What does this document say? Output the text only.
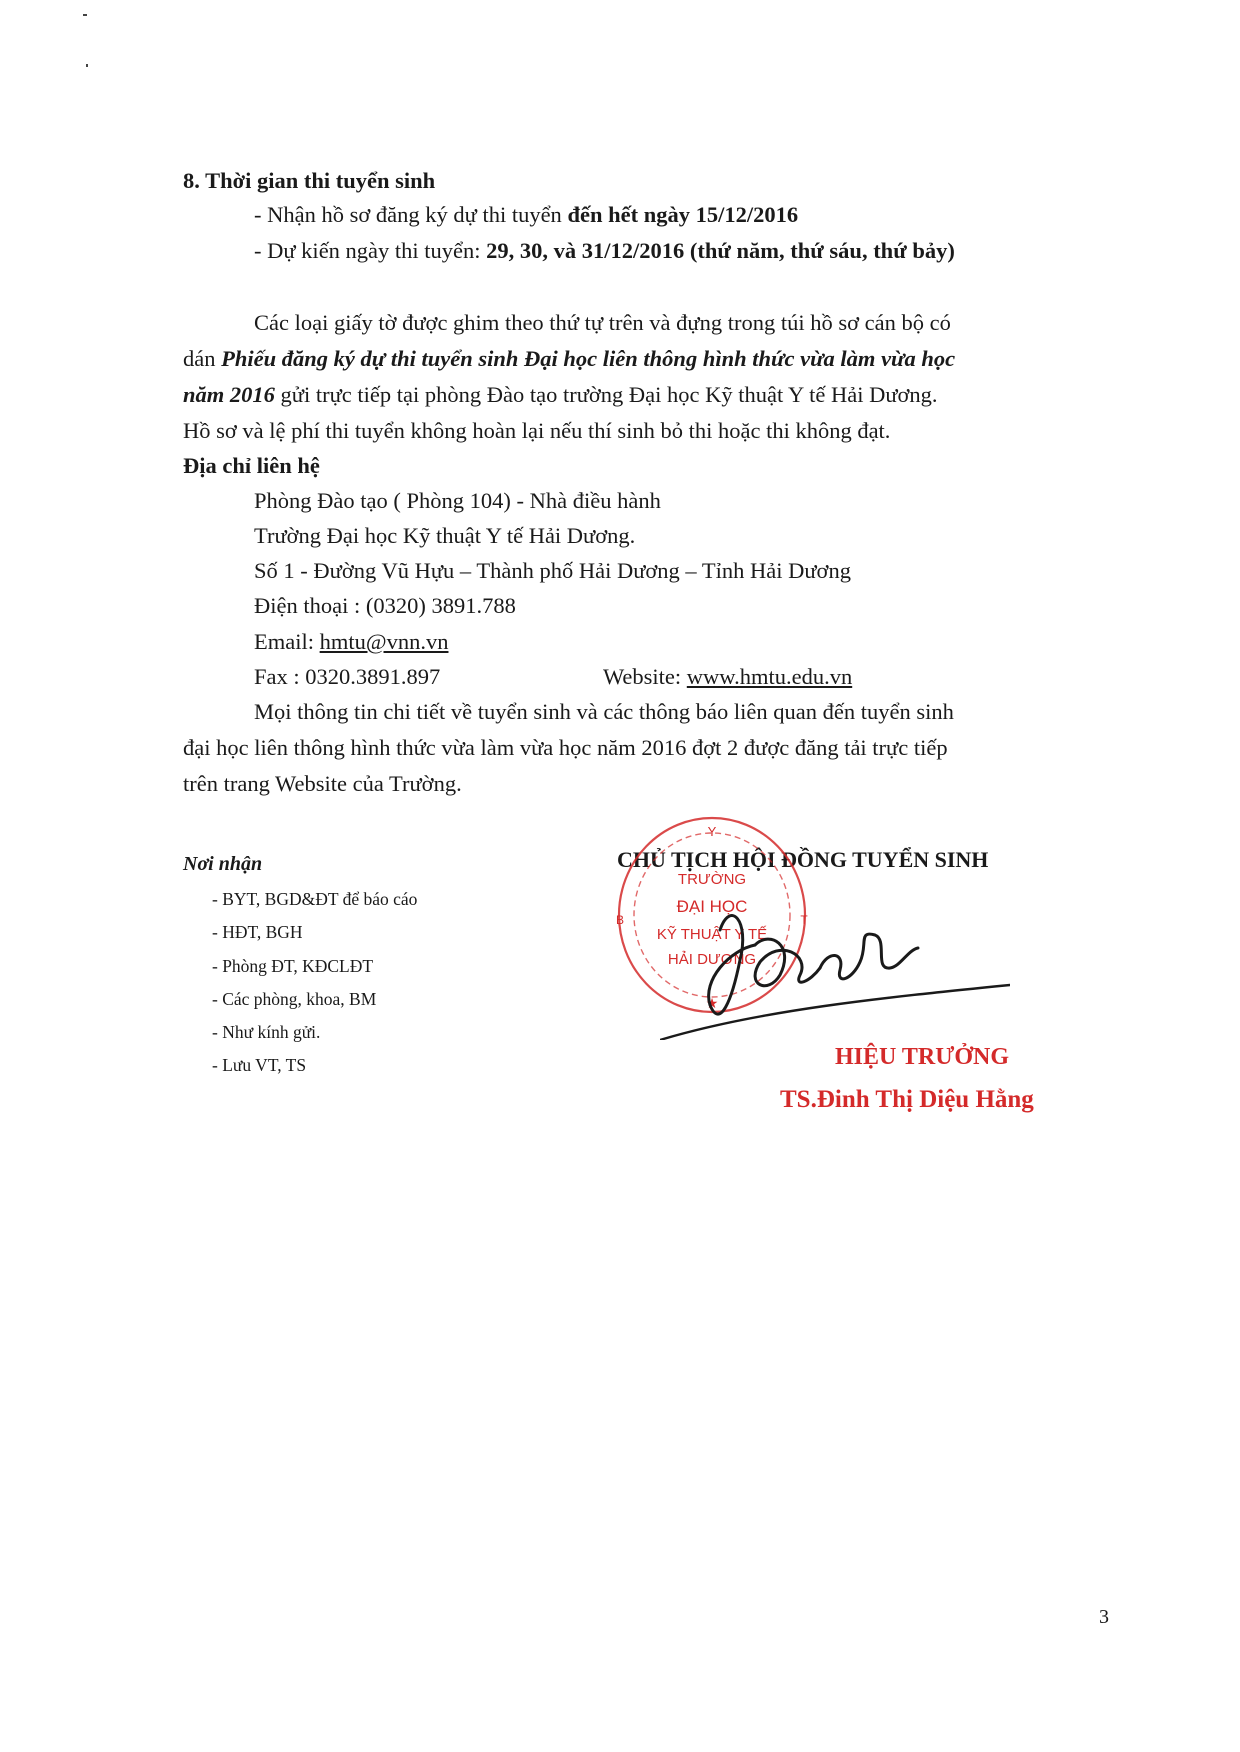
8. Thời gian thi tuyển sinh
- Nhận hồ sơ đăng ký dự thi tuyển đến hết ngày 15/12/2016
- Dự kiến ngày thi tuyển: 29, 30, và 31/12/2016 (thứ năm, thứ sáu, thứ bảy)
Các loại giấy tờ được ghim theo thứ tự trên và đựng trong túi hồ sơ cán bộ có
dán Phiếu đăng ký dự thi tuyển sinh Đại học liên thông hình thức vừa làm vừa học
năm 2016 gửi trực tiếp tại phòng Đào tạo trường Đại học Kỹ thuật Y tế Hải Dương.
Hồ sơ và lệ phí thi tuyển không hoàn lại nếu thí sinh bỏ thi hoặc thi không đạt.
Địa chỉ liên hệ
Phòng Đào tạo ( Phòng 104) - Nhà điều hành
Trường Đại học Kỹ thuật Y tế Hải Dương.
Số 1 - Đường Vũ Hựu – Thành phố Hải Dương – Tỉnh Hải Dương
Điện thoại : (0320) 3891.788
Email: hmtu@vnn.vn
Fax : 0320.3891.897	Website: www.hmtu.edu.vn
Mọi thông tin chi tiết về tuyển sinh và các thông báo liên quan đến tuyển sinh
đại học liên thông hình thức vừa làm vừa học năm 2016 đợt 2 được đăng tải trực tiếp
trên trang Website của Trường.
Nơi nhận
- BYT, BGD&ĐT để báo cáo
- HĐT, BGH
- Phòng ĐT, KĐCLĐT
- Các phòng, khoa, BM
- Như kính gửi.
- Lưu VT, TS
CHỦ TỊCH HỘI ĐỒNG TUYỂN SINH
Y
B	T
TRƯỜNG
ĐẠI HỌC
KỸ THUẬT Y TẾ
HẢI DƯƠNG
★
HIỆU TRƯỞNG
TS.Đinh Thị Diệu Hằng
3
